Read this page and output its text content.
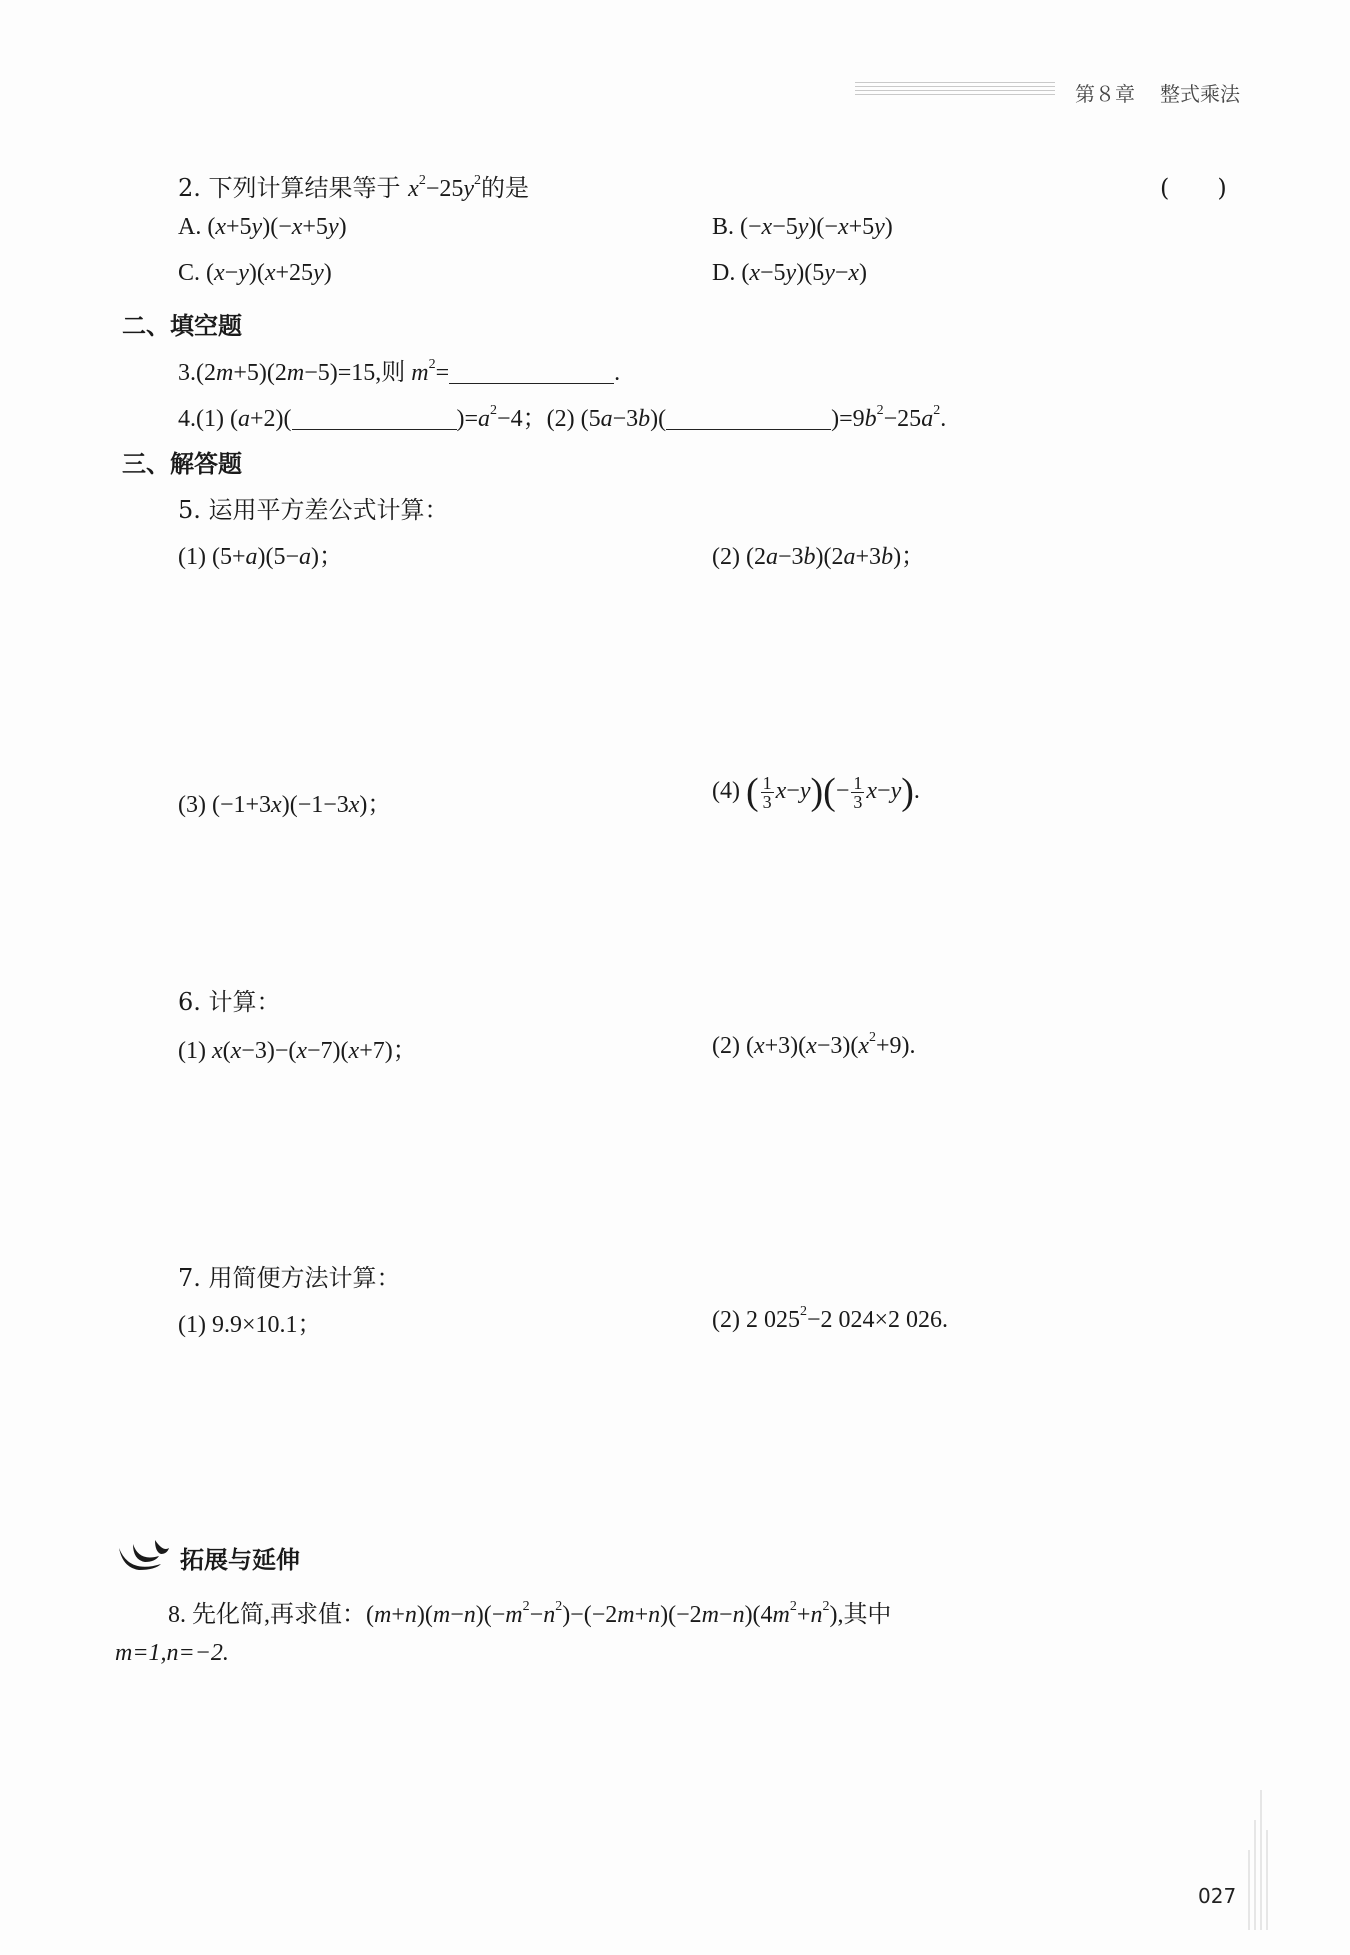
第８章 整式乘法
2. 下列计算结果等于 $x^2-25y^2$的是	(　　)
A. (x+5y)(−x+5y)	B. (−x−5y)(−x+5y)
C. (x−y)(x+25y)	D. (x−5y)(5y−x)
二、填空题
3.(2m+5)(2m−5)=15,则 $m^2=$	.
4.(1) (a+2)(	)$=a^2-4$；(2) (5a−3b)(	)$=9b^2-25a^2$.
三、解答题
5. 运用平方差公式计算：
(1) (5+a)(5−a)；	(2) (2a−3b)(2a+3b)；
(3) (−1+3x)(−1−3x)；
(4) ( $\frac{1}{3} x-y)(- \frac{1}{3} x-y)$.
6. 计算：
(1) x(x−3)−(x−7)(x+7)；	(2) $(x+3)(x-3)(x^2+9)$.
7. 用简便方法计算：
(1) 9.9×10.1；	(2) 2 $025^2-2$ 024×2 026.
拓展与延伸
8. 先化简,再求值：$(m+n)(m-n)(-m^2-n^2)-(-2m+n)(-2m-n)(4m^2+n^2)$,其中
m=1,n=−2.
027
